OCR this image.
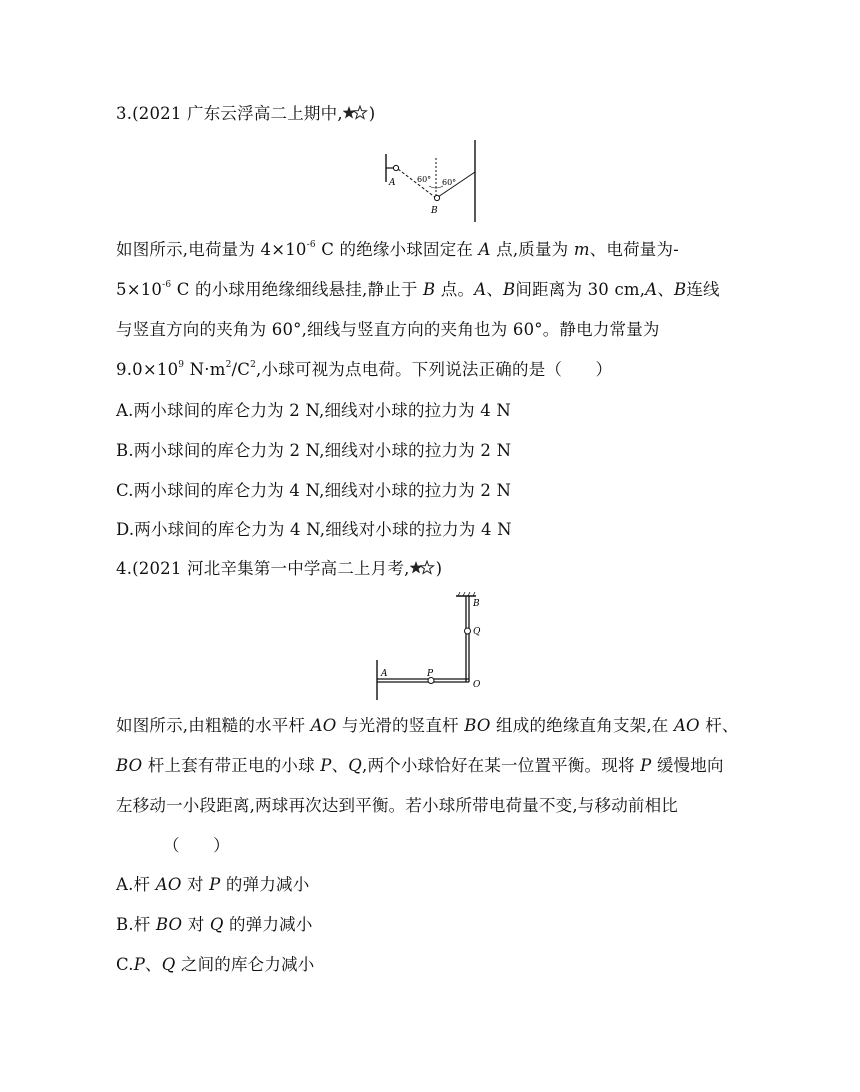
3.(2021 广东云浮高二上期中, )
A
B
60° 60°
如图所示,电荷量为 $4\times 10^{-6}$ C 的绝缘小球固定在 A 点,质量为 m、电荷量为-
$5\times 10^{-6}$ C 的小球用绝缘细线悬挂,静止于 B 点。A、B间距离为 30 cm,A、B连线
与竖直方向的夹角为 60°,细线与竖直方向的夹角也为 60°。静电力常量为
$9.0\times 10^9$ $N\cdot m^2/C^2$,小球可视为点电荷。下列说法正确的是（　　）
A.两小球间的库仑力为 2 N,细线对小球的拉力为 4 N
B.两小球间的库仑力为 2 N,细线对小球的拉力为 2 N
C.两小球间的库仑力为 4 N,细线对小球的拉力为 2 N
D.两小球间的库仑力为 4 N,细线对小球的拉力为 4 N
4.(2021 河北辛集第一中学高二上月考, )
B
Q
A	P
O
如图所示,由粗糙的水平杆 AO 与光滑的竖直杆 BO 组成的绝缘直角支架,在 AO 杆、
BO 杆上套有带正电的小球 P、Q,两个小球恰好在某一位置平衡。现将 P 缓慢地向
左移动一小段距离,两球再次达到平衡。若小球所带电荷量不变,与移动前相比
（　　）
A.杆 AO 对 P 的弹力减小
B.杆 BO 对 Q 的弹力减小
C.P、Q 之间的库仑力减小
